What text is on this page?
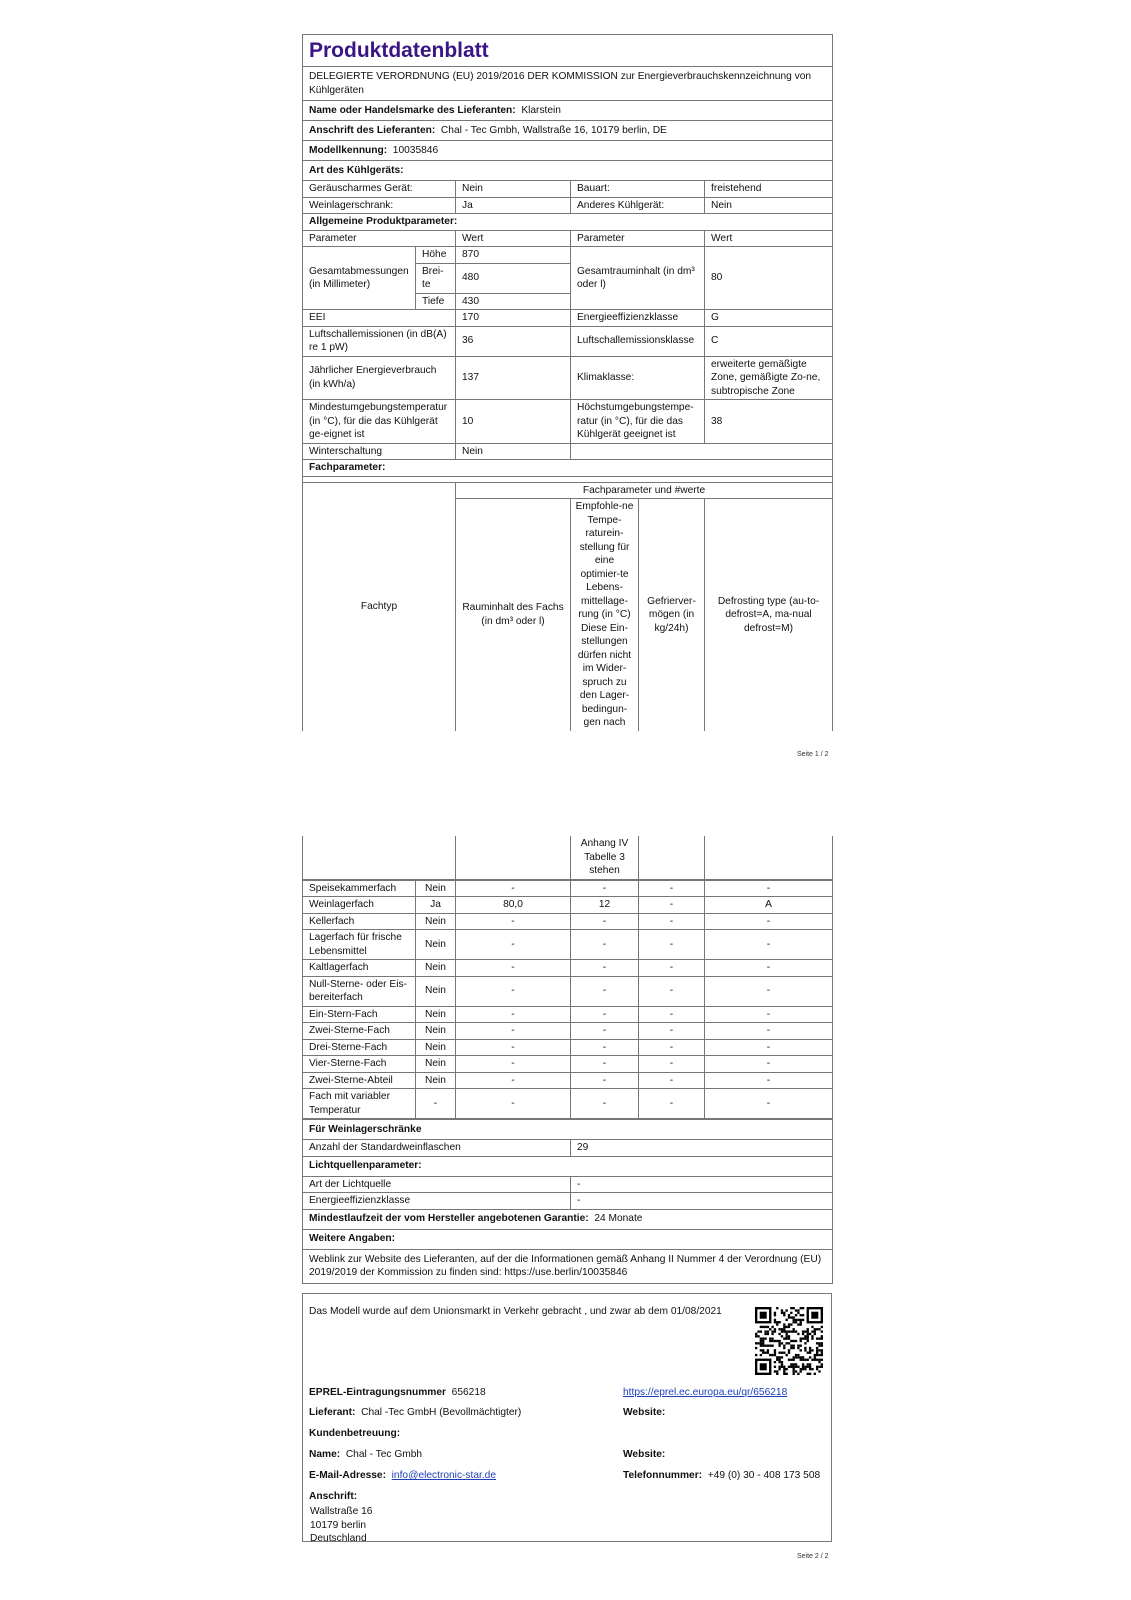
Produktdatenblatt					
DELEGIERTE VERORDNUNG (EU) 2019/2016 DER KOMMISSION zur Energieverbrauchskennzeichnung von Kühlgeräten					
Name oder Handelsmarke des Lieferanten: Klarstein					
Anschrift des Lieferanten: Chal - Tec Gmbh, Wallstraße 16, 10179 berlin, DE					
Modellkennung: 10035846					
Art des Kühlgeräts:					
Geräuscharmes Gerät:		Nein	Bauart:		freistehend
Weinlagerschrank:		Ja	Anderes Kühlgerät:		Nein
Allgemeine Produktparameter:					
Parameter		Wert	Parameter		Wert
Gesamtabmessungen (in Millimeter)	Höhe	870	Gesamtrauminhalt (in dm³ oder l)		80
	Brei-te	480			
	Tiefe	430			
EEI		170	Energieeffizienzklasse		G
Luftschallemissionen (in dB(A) re 1 pW)		36	Luftschallemissionsklasse		C
Jährlicher Energieverbrauch (in kWh/a)		137	Klimaklasse:		erweiterte gemäßigte Zone, gemäßigte Zo-ne, subtropische Zone
Mindestumgebungstemperatur (in °C), für die das Kühlgerät ge-eignet ist		10	Höchstumgebungstempe-ratur (in °C), für die das Kühlgerät geeignet ist		38
Winterschaltung		Nein			
Fachparameter:					

Fachtyp		Fachparameter und #werte			
		Rauminhalt des Fachs (in dm³ oder l)	Empfohle-ne Tempe-raturein-stellung für eine optimier-te Lebens-mittellage-rung (in °C) Diese Ein-stellungen dürfen nicht im Wider-spruch zu den Lager-bedingun-gen nach	Gefrierver-mögen (in kg/24h)	Defrosting type (au-to-defrost=A, ma-nual defrost=M)
Seite 1 / 2
		Anhang IV Tabelle 3 stehen		
Speisekammerfach	Nein	-	-	-	-
Weinlagerfach	Ja	80,0	12	-	A
Kellerfach	Nein	-	-	-	-
Lagerfach für frische Lebensmittel	Nein	-	-	-	-
Kaltlagerfach	Nein	-	-	-	-
Null-Sterne- oder Eis-bereiterfach	Nein	-	-	-	-
Ein-Stern-Fach	Nein	-	-	-	-
Zwei-Sterne-Fach	Nein	-	-	-	-
Drei-Sterne-Fach	Nein	-	-	-	-
Vier-Sterne-Fach	Nein	-	-	-	-
Zwei-Sterne-Abteil	Nein	-	-	-	-
Fach mit variabler Temperatur	-	-	-	-	-
Für Weinlagerschränke	
Anzahl der Standardweinflaschen	29
Lichtquellenparameter:	
Art der Lichtquelle	-
Energieeffizienzklasse	-
Mindestlaufzeit der vom Hersteller angebotenen Garantie: 24 Monate	
Weitere Angaben:	
Weblink zur Website des Lieferanten, auf der die Informationen gemäß Anhang II Nummer 4 der Verordnung (EU) 2019/2019 der Kommission zu finden sind: https://use.berlin/10035846	
Das Modell wurde auf dem Unionsmarkt in Verkehr gebracht , und zwar ab dem 01/08/2021
EPREL-Eintragungsnummer 656218	https://eprel.ec.europa.eu/qr/656218
Lieferant: Chal -Tec GmbH (Bevollmächtigter)	Website:
Kundenbetreuung:
Name: Chal - Tec Gmbh	Website:
E-Mail-Adresse: info@electronic-star.de	Telefonnummer: +49 (0) 30 - 408 173 508
Anschrift:
Wallstraße 16
10179 berlin
Deutschland
Seite 2 / 2
